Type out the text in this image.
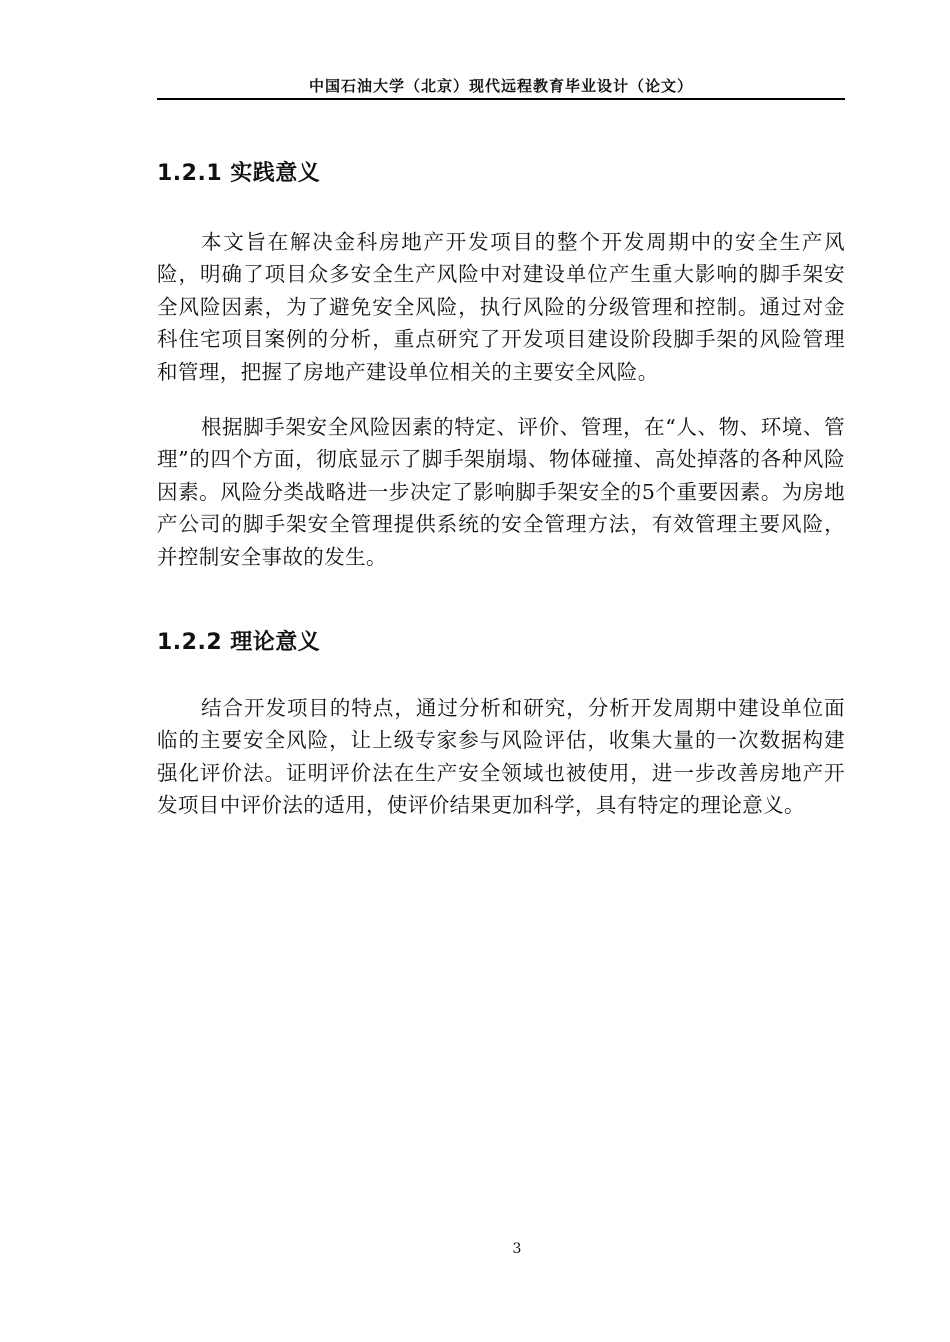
中国石油大学（北京）现代远程教育毕业设计（论文）
1.2.1 实践意义

本文旨在解决金科房地产开发项目的整个开发周期中的安全生产风险，明确了项目众多安全生产风险中对建设单位产生重大影响的脚手架安全风险因素，为了避免安全风险，执行风险的分级管理和控制。通过对金科住宅项目案例的分析，重点研究了开发项目建设阶段脚手架的风险管理和管理，把握了房地产建设单位相关的主要安全风险。

根据脚手架安全风险因素的特定、评价、管理，在“人、物、环境、管理”的四个方面，彻底显示了脚手架崩塌、物体碰撞、高处掉落的各种风险因素。风险分类战略进一步决定了影响脚手架安全的5个重要因素。为房地产公司的脚手架安全管理提供系统的安全管理方法，有效管理主要风险，并控制安全事故的发生。

1.2.2 理论意义

结合开发项目的特点，通过分析和研究，分析开发周期中建设单位面临的主要安全风险，让上级专家参与风险评估，收集大量的一次数据构建强化评价法。证明评价法在生产安全领域也被使用，进一步改善房地产开发项目中评价法的适用，使评价结果更加科学，具有特定的理论意义。

3
